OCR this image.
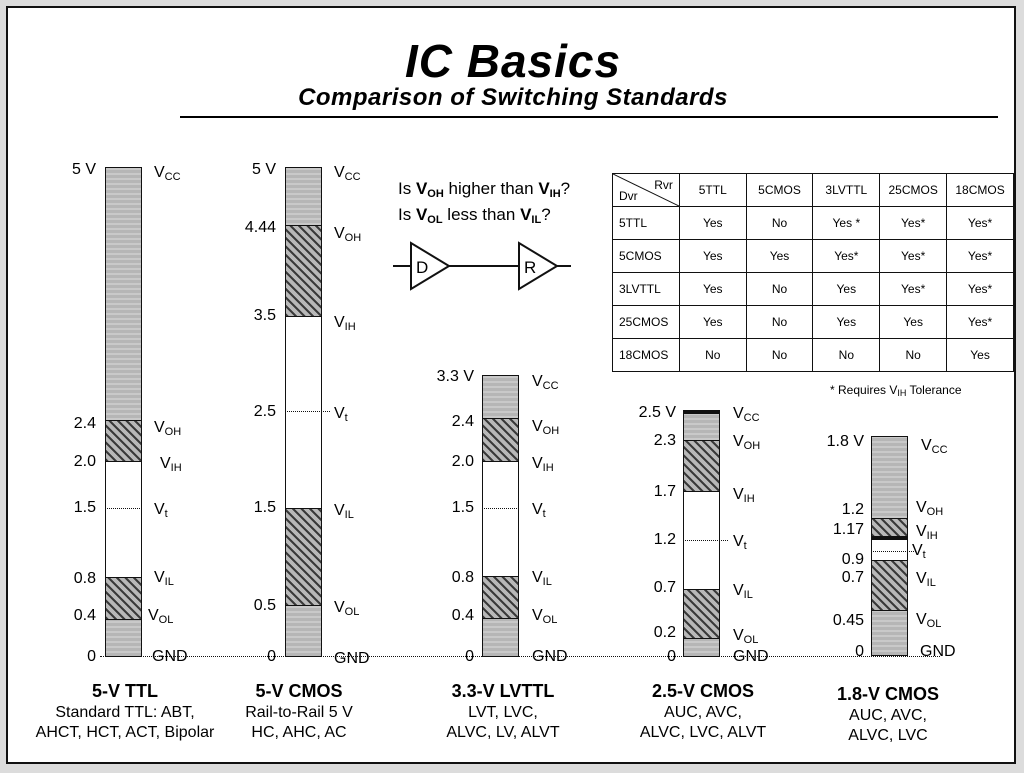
IC Basics
Comparison of Switching Standards
5 V
2.4
2.0
1.5
0.8
0.4
0
$V_{CC}$
$V_{OH}$
$V_{IH}$
$V_t$
$V_{IL}$
$V_{OL}$
GND
5-V TTL
Standard TTL: ABT,
AHCT, HCT, ACT, Bipolar
5 V
4.44
3.5
2.5
1.5
0.5
0
$V_{CC}$
$V_{OH}$
$V_{IH}$
$V_t$
$V_{IL}$
$V_{OL}$
GND
5-V CMOS
Rail-to-Rail 5 V
HC, AHC, AC
3.3 V
2.4
2.0
1.5
0.8
0.4
0
$V_{CC}$
$V_{OH}$
$V_{IH}$
$V_t$
$V_{IL}$
$V_{OL}$
GND
3.3-V LVTTL
LVT, LVC,
ALVC, LV, ALVT
2.5 V
2.3
1.7
1.2
0.7
0.2
0
$V_{CC}$
$V_{OH}$
$V_{IH}$
$V_t$
$V_{IL}$
$V_{OL}$
GND
2.5-V CMOS
AUC, AVC,
ALVC, LVC, ALVT
1.8 V
1.2
1.17
0.9
0.7
0.45
0
$V_{CC}$
$V_{OH}$
$V_{IH}$
$V_t$
$V_{IL}$
$V_{OL}$
GND
1.8-V CMOS
AUC, AVC,
ALVC, LVC
Is $V_{OH}$ higher than $V_{IH}$?
Is $V_{OL}$ less than $V_{IL}$?
D	R
Rvr
Dvr	5TTL	5CMOS	3LVTTL	25CMOS	18CMOS
5TTL	Yes	No	Yes *	Yes*	Yes*
5CMOS	Yes	Yes	Yes*	Yes*	Yes*
3LVTTL	Yes	No	Yes	Yes*	Yes*
25CMOS	Yes	No	Yes	Yes	Yes*
18CMOS	No	No	No	No	Yes
* Requires $V_{IH}$ Tolerance
